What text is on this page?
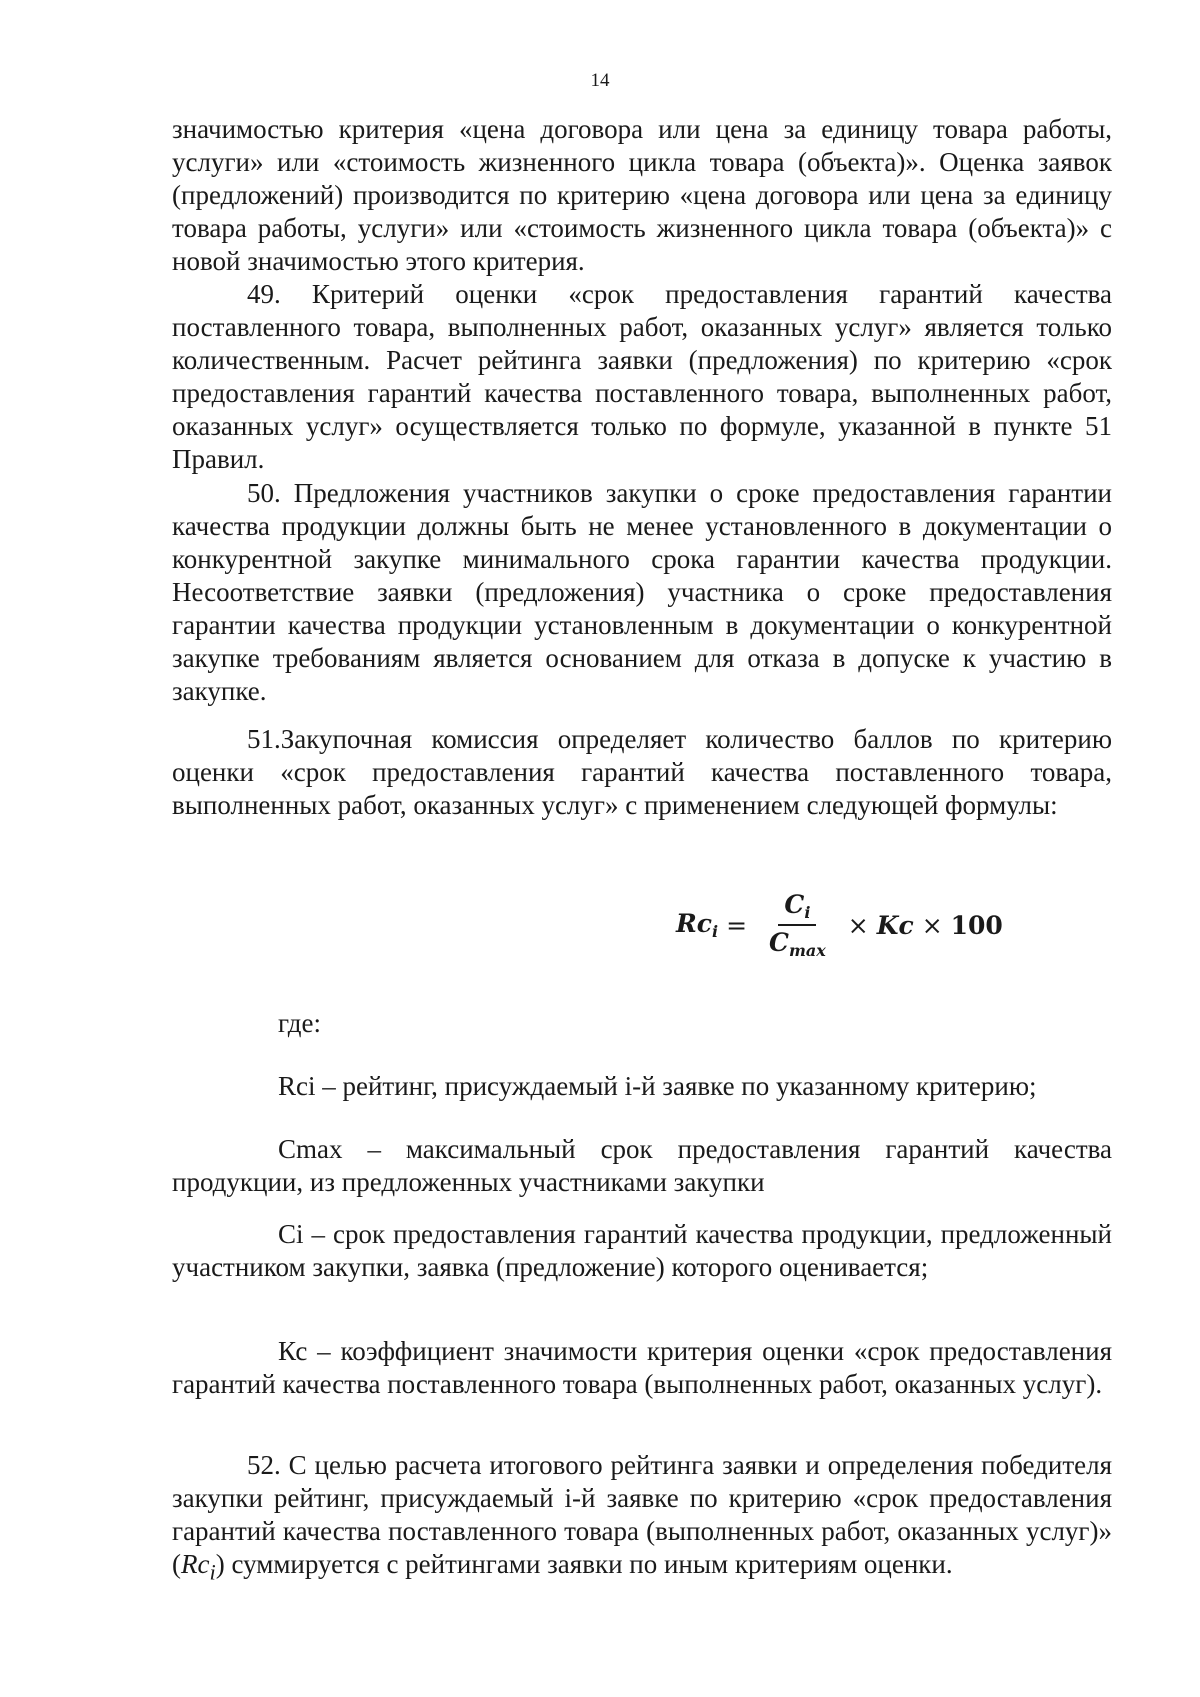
14

значимостью критерия «цена договора или цена за единицу товара работы, услуги» или «стоимость жизненного цикла товара (объекта)». Оценка заявок (предложений) производится по критерию «цена договора или цена за единицу товара работы, услуги» или «стоимость жизненного цикла товара (объекта)» с новой значимостью этого критерия.

49. Критерий оценки «срок предоставления гарантий качества поставленного товара, выполненных работ, оказанных услуг» является только количественным. Расчет рейтинга заявки (предложения) по критерию «срок предоставления гарантий качества поставленного товара, выполненных работ, оказанных услуг» осуществляется только по формуле, указанной в пункте 51 Правил.

50. Предложения участников закупки о сроке предоставления гарантии качества продукции должны быть не менее установленного в документации о конкурентной закупке минимального срока гарантии качества продукции. Несоответствие заявки (предложения) участника о сроке предоставления гарантии качества продукции установленным в документации о конкурентной закупке требованиям является основанием для отказа в допуске к участию в закупке.

51.Закупочная комиссия определяет количество баллов по критерию оценки «срок предоставления гарантий качества поставленного товара, выполненных работ, оказанных услуг» с применением следующей формулы:

$Rc_i = \frac{C_i}{C_{max}} \times Kc \times 100$

где:

Rci – рейтинг, присуждаемый i-й заявке по указанному критерию;

Cmax – максимальный срок предоставления гарантий качества продукции, из предложенных участниками закупки

Ci – срок предоставления гарантий качества продукции, предложенный участником закупки, заявка (предложение) которого оценивается;

Кс – коэффициент значимости критерия оценки «срок предоставления гарантий качества поставленного товара (выполненных работ, оказанных услуг).

52. С целью расчета итогового рейтинга заявки и определения победителя закупки рейтинг, присуждаемый i-й заявке по критерию «срок предоставления гарантий качества поставленного товара (выполненных работ, оказанных услуг)» $(Rc_i)$ суммируется с рейтингами заявки по иным критериям оценки.
